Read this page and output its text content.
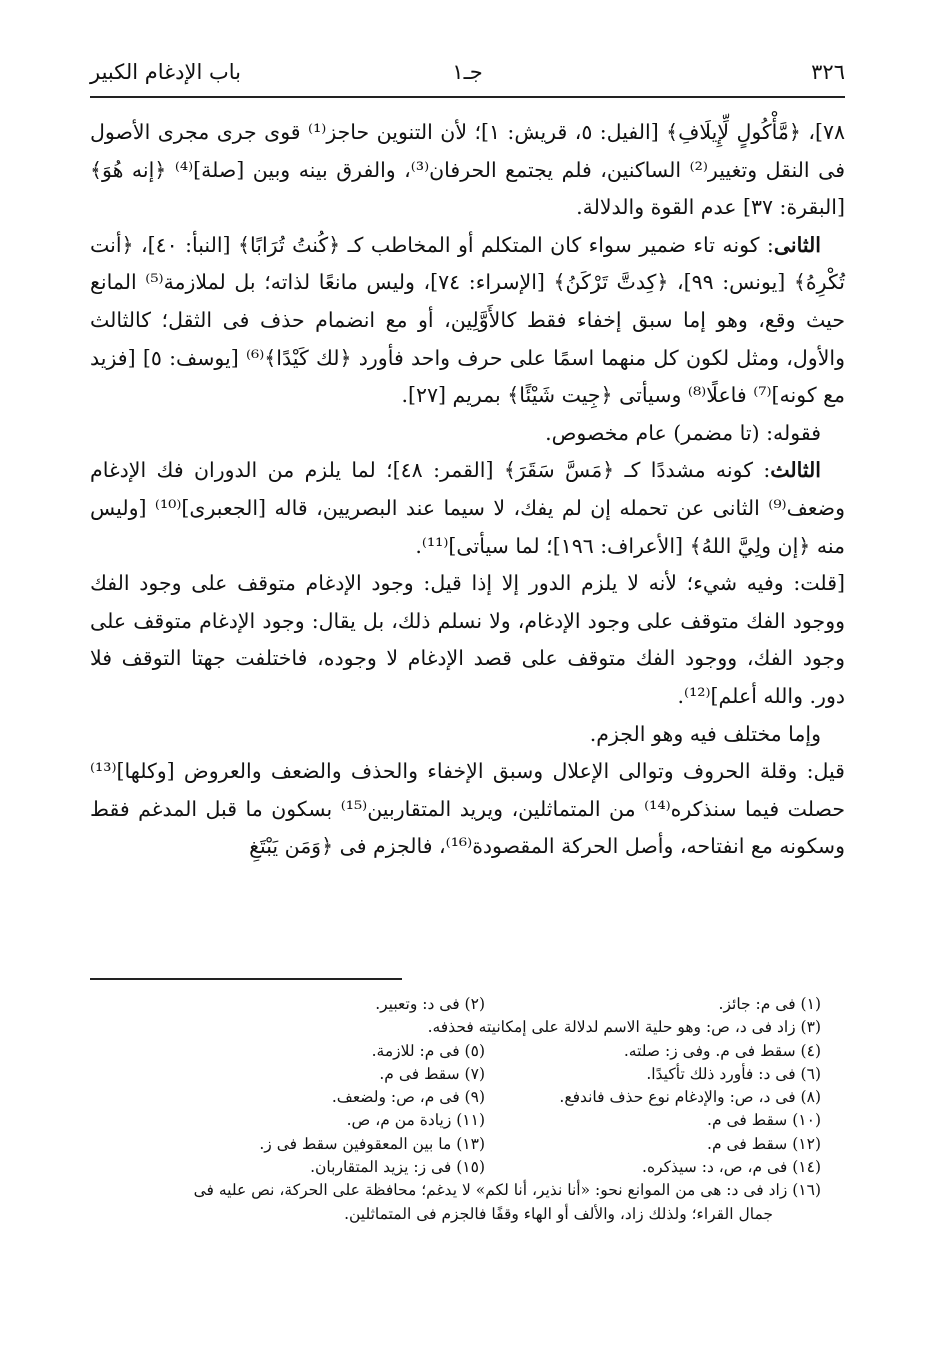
٣٢٦
جـ١
باب الإدغام الكبير

٧٨]، ﴿مَّأْكُولٍ لِّإِيلَافِ﴾ [الفيل: ٥، قريش: ١]؛ لأن التنوين حاجز⁽¹⁾ قوى جرى مجرى الأصول فى النقل وتغيير⁽²⁾ الساكنين، فلم يجتمع الحرفان⁽³⁾، والفرق بينه وبين [صلة]⁽⁴⁾ ﴿إنه هُوَ﴾ [البقرة: ٣٧] عدم القوة والدلالة.

الثانى: كونه تاء ضمير سواء كان المتكلم أو المخاطب كـ ﴿كُنتُ تُرَابًا﴾ [النبأ: ٤٠]، ﴿أنت تُكْرِهُ﴾ [يونس: ٩٩]، ﴿كِدتَّ تَرْكَنُ﴾ [الإسراء: ٧٤]، وليس مانعًا لذاته؛ بل لملازمة⁽⁵⁾ المانع حيث وقع، وهو إما سبق إخفاء فقط كالأَوَّلِين، أو مع انضمام حذف فى الثقل؛ كالثالث والأول، ومثل لكون كل منهما اسمًا على حرف واحد فأورد ﴿لك كَيْدًا﴾⁽⁶⁾ [يوسف: ٥] [فزيد مع كونه]⁽⁷⁾ فاعلًا⁽⁸⁾ وسيأتى ﴿جِيت شَيْئًا﴾ بمريم [٢٧].

فقوله: (تا مضمر) عام مخصوص.

الثالث: كونه مشددًا كـ ﴿مَسَّ سَقَرَ﴾ [القمر: ٤٨]؛ لما يلزم من الدوران فك الإدغام وضعف⁽⁹⁾ الثانى عن تحمله إن لم يفك، لا سيما عند البصريين، قاله [الجعبرى]⁽¹⁰⁾ [وليس منه ﴿إن ولِيَّ اللهُ﴾ [الأعراف: ١٩٦]؛ لما سيأتى]⁽¹¹⁾.

[قلت: وفيه شيء؛ لأنه لا يلزم الدور إلا إذا قيل: وجود الإدغام متوقف على وجود الفك ووجود الفك متوقف على وجود الإدغام، ولا نسلم ذلك، بل يقال: وجود الإدغام متوقف على وجود الفك، ووجود الفك متوقف على قصد الإدغام لا وجوده، فاختلفت جهتا التوقف فلا دور. والله أعلم]⁽¹²⁾.

وإما مختلف فيه وهو الجزم.

قيل: وقلة الحروف وتوالى الإعلال وسبق الإخفاء والحذف والضعف والعروض [وكلها]⁽¹³⁾ حصلت فيما سنذكره⁽¹⁴⁾ من المتماثلين، ويريد المتقاربين⁽¹⁵⁾ بسكون ما قبل المدغم فقط وسكونه مع انفتاحه، وأصل الحركة المقصودة⁽¹⁶⁾، فالجزم فى ﴿وَمَن يَبْتَغِ

(١) فى م: جائز.
(٢) فى د: وتعبير.
(٣) زاد فى د، ص: وهو حلية الاسم لدلالة على إمكانيته فحذفه.
(٤) سقط فى م. وفى ز: صلته.
(٥) فى م: للازمة.
(٦) فى د: فأورد ذلك تأكيدًا.
(٧) سقط فى م.
(٨) فى د، ص: والإدغام نوع حذف فاندفع.
(٩) فى م، ص: ولضعف.
(١٠) سقط فى م.
(١١) زيادة من م، ص.
(١٢) سقط فى م.
(١٣) ما بين المعقوفين سقط فى ز.
(١٤) فى م، ص، د: سيذكره.
(١٥) فى ز: يزيد المتقاربان.
(١٦) زاد فى د: هى من الموانع نحو: «أنا نذير، أنا لكم» لا يدغم؛ محافظة على الحركة، نص عليه فى
جمال القراء؛ ولذلك زاد، والألف أو الهاء وقفًا فالجزم فى المتماثلين.
